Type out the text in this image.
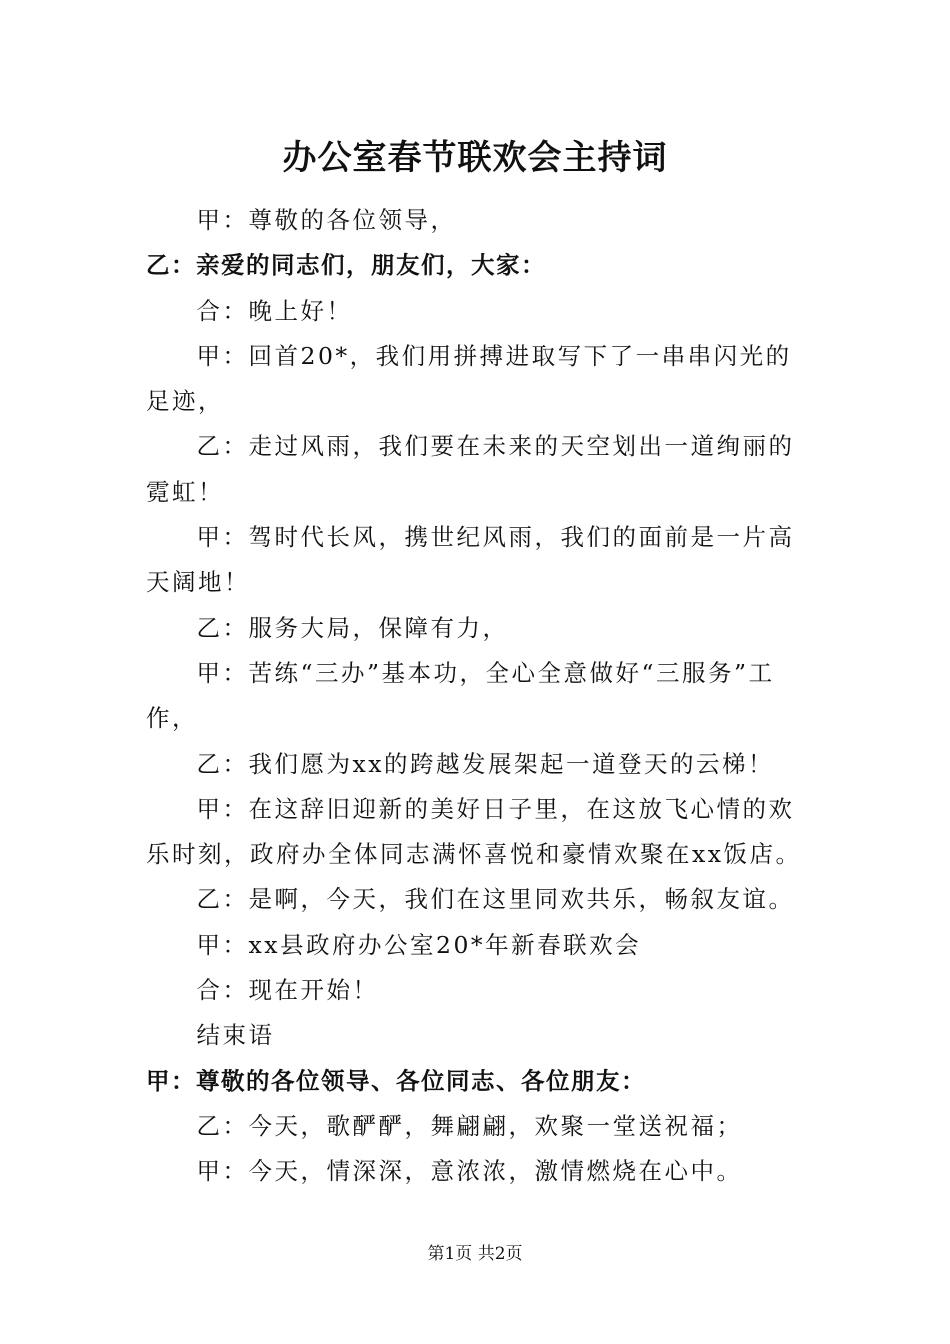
办公室春节联欢会主持词

甲：尊敬的各位领导，

乙：亲爱的同志们，朋友们，大家：

合：晚上好！

甲：回首20*，我们用拼搏进取写下了一串串闪光的足迹，

乙：走过风雨，我们要在未来的天空划出一道绚丽的霓虹！

甲：驾时代长风，携世纪风雨，我们的面前是一片高天阔地！

乙：服务大局，保障有力，

甲：苦练“三办”基本功，全心全意做好“三服务”工作，

乙：我们愿为xx的跨越发展架起一道登天的云梯！

甲：在这辞旧迎新的美好日子里，在这放飞心情的欢乐时刻，政府办全体同志满怀喜悦和豪情欢聚在xx饭店。

乙：是啊，今天，我们在这里同欢共乐，畅叙友谊。

甲：xx县政府办公室20*年新春联欢会

合：现在开始！

结束语

甲：尊敬的各位领导、各位同志、各位朋友：

乙：今天，歌酽酽，舞翩翩，欢聚一堂送祝福；

甲：今天，情深深，意浓浓，激情燃烧在心中。

第1页 共2页
